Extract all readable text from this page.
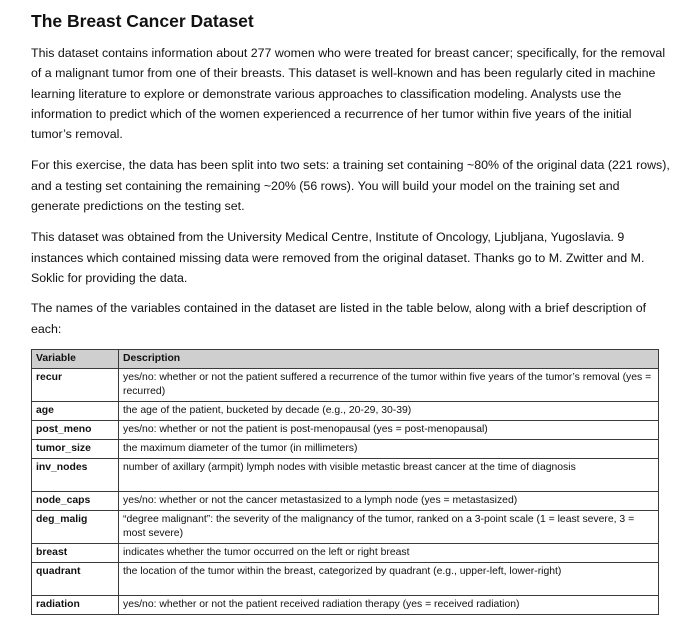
The Breast Cancer Dataset

This dataset contains information about 277 women who were treated for breast cancer; specifically, for the removal of a malignant tumor from one of their breasts. This dataset is well-known and has been regularly cited in machine learning literature to explore or demonstrate various approaches to classification modeling. Analysts use the information to predict which of the women experienced a recurrence of her tumor within five years of the initial tumor’s removal.

For this exercise, the data has been split into two sets: a training set containing ~80% of the original data (221 rows), and a testing set containing the remaining ~20% (56 rows). You will build your model on the training set and generate predictions on the testing set.

This dataset was obtained from the University Medical Centre, Institute of Oncology, Ljubljana, Yugoslavia. 9 instances which contained missing data were removed from the original dataset. Thanks go to M. Zwitter and M. Soklic for providing the data.

The names of the variables contained in the dataset are listed in the table below, along with a brief description of each:

Variable	Description
recur	yes/no: whether or not the patient suffered a recurrence of the tumor within five years of the tumor’s removal (yes = recurred)
age	the age of the patient, bucketed by decade (e.g., 20-29, 30-39)
post_meno	yes/no: whether or not the patient is post-menopausal (yes = post-menopausal)
tumor_size	the maximum diameter of the tumor (in millimeters)
inv_nodes	number of axillary (armpit) lymph nodes with visible metastic breast cancer at the time of diagnosis
node_caps	yes/no: whether or not the cancer metastasized to a lymph node (yes = metastasized)
deg_malig	“degree malignant”: the severity of the malignancy of the tumor, ranked on a 3-point scale (1 = least severe, 3 = most severe)
breast	indicates whether the tumor occurred on the left or right breast
quadrant	the location of the tumor within the breast, categorized by quadrant (e.g., upper-left, lower-right)
radiation	yes/no: whether or not the patient received radiation therapy (yes = received radiation)
